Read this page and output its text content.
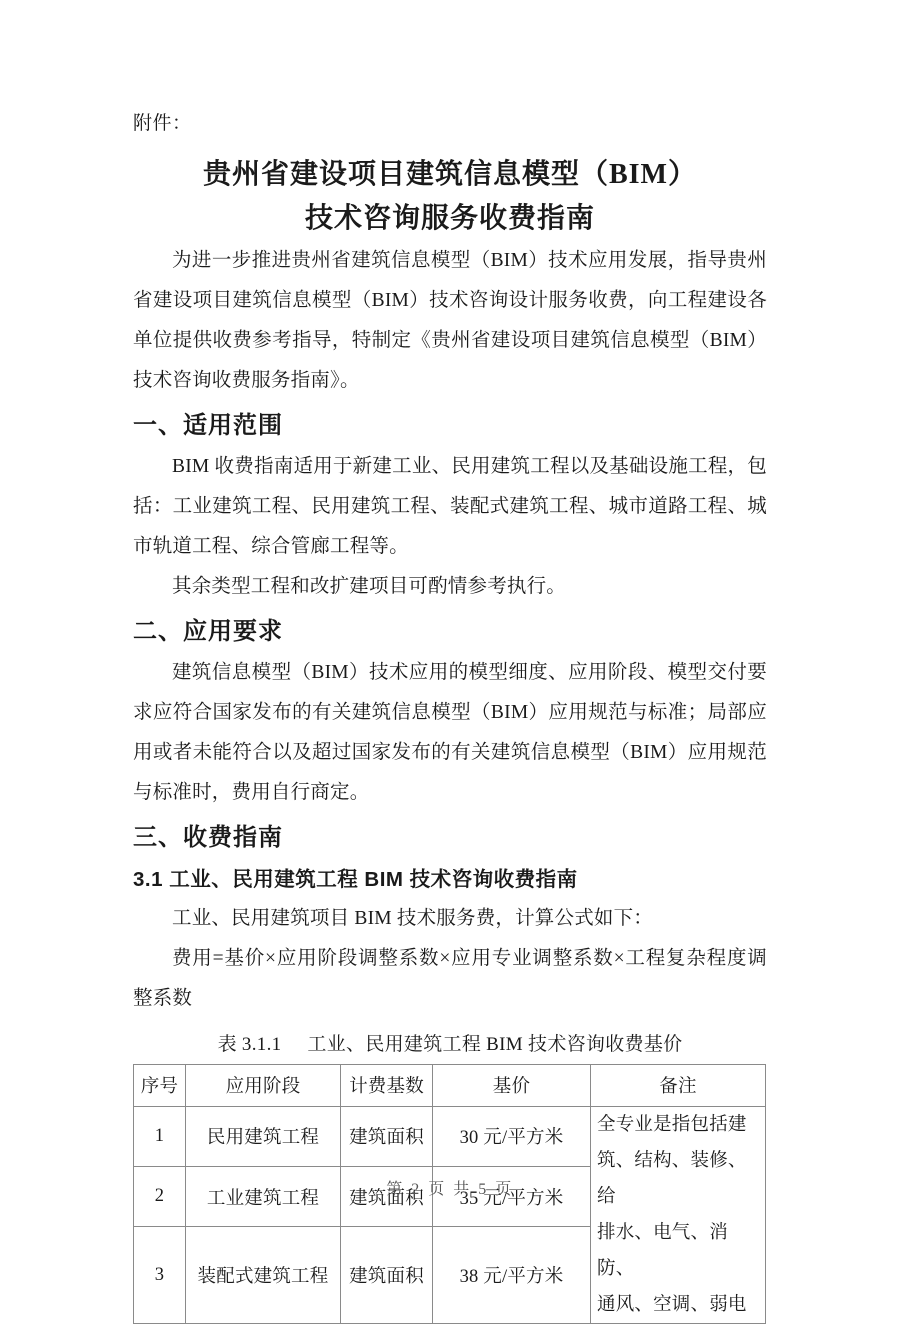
附件：
贵州省建设项目建筑信息模型（BIM）
技术咨询服务收费指南

为进一步推进贵州省建筑信息模型（BIM）技术应用发展，指导贵州省建设项目建筑信息模型（BIM）技术咨询设计服务收费，向工程建设各单位提供收费参考指导，特制定《贵州省建设项目建筑信息模型（BIM）技术咨询收费服务指南》。

一、适用范围

BIM 收费指南适用于新建工业、民用建筑工程以及基础设施工程，包括：工业建筑工程、民用建筑工程、装配式建筑工程、城市道路工程、城市轨道工程、综合管廊工程等。

其余类型工程和改扩建项目可酌情参考执行。

二、应用要求

建筑信息模型（BIM）技术应用的模型细度、应用阶段、模型交付要求应符合国家发布的有关建筑信息模型（BIM）应用规范与标准；局部应用或者未能符合以及超过国家发布的有关建筑信息模型（BIM）应用规范与标准时，费用自行商定。

三、收费指南
3.1 工业、民用建筑工程 BIM 技术咨询收费指南

工业、民用建筑项目 BIM 技术服务费，计算公式如下：

费用=基价×应用阶段调整系数×应用专业调整系数×工程复杂程度调整系数

表 3.1.1 工业、民用建筑工程 BIM 技术咨询收费基价
序号	应用阶段	计费基数	基价	备注
1	民用建筑工程	建筑面积	30 元/平方米	全专业是指包括建
筑、结构、装修、给
排水、电气、消防、
通风、空调、弱电

2	工业建筑工程	建筑面积	35 元/平方米	
3	装配式建筑工程	建筑面积	38 元/平方米	
第 2 页 共 5 页
